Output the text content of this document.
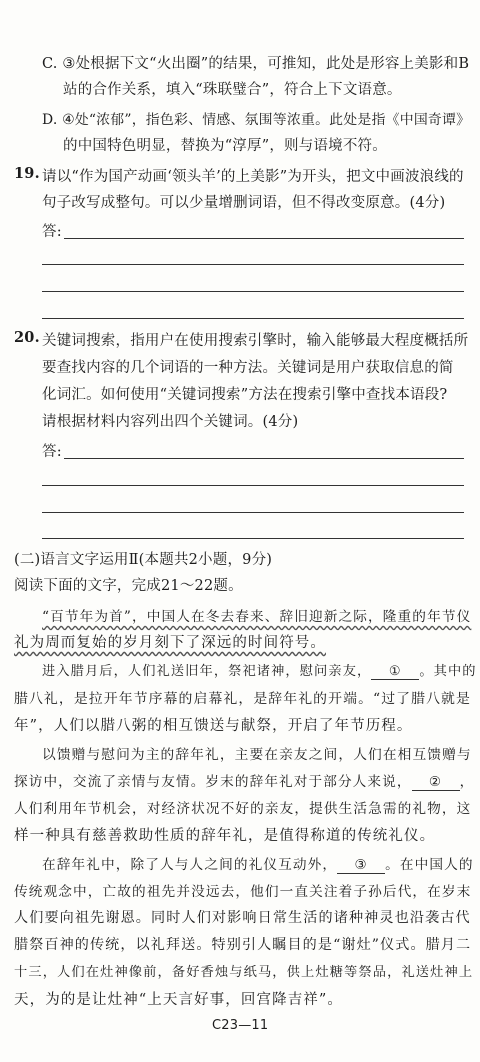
C. ③处根据下文“火出圈”的结果，可推知，此处是形容上美影和B
站的合作关系，填入“珠联璧合”，符合上下文语意。
D. ④处“浓郁”，指色彩、情感、氛围等浓重。此处是指《中国奇谭》
的中国特色明显，替换为“淳厚”，则与语境不符。
19. 请以“作为国产动画‘领头羊’的上美影”为开头，把文中画波浪线的
句子改写成整句。可以少量增删词语，但不得改变原意。(4分)
答:
20. 关键词搜索，指用户在使用搜索引擎时，输入能够最大程度概括所
要查找内容的几个词语的一种方法。关键词是用户获取信息的简
化词汇。如何使用“关键词搜索”方法在搜索引擎中查找本语段?
请根据材料内容列出四个关键词。(4分)
答:
(二)语言文字运用Ⅱ(本题共2小题，9分)
阅读下面的文字，完成21～22题。
“百节年为首”，中国人在冬去春来、辞旧迎新之际，隆重的年节仪
礼为周而复始的岁月刻下了深远的时间符号。
进入腊月后，人们礼送旧年，祭祀诸神，慰问亲友， ① 。其中的
腊八礼，是拉开年节序幕的启幕礼，是辞年礼的开端。“过了腊八就是
年”，人们以腊八粥的相互馈送与献祭，开启了年节历程。
以馈赠与慰问为主的辞年礼，主要在亲友之间，人们在相互馈赠与
探访中，交流了亲情与友情。岁末的辞年礼对于部分人来说， ② ，
人们利用年节机会，对经济状况不好的亲友，提供生活急需的礼物，这
样一种具有慈善救助性质的辞年礼，是值得称道的传统礼仪。
在辞年礼中，除了人与人之间的礼仪互动外， ③ 。在中国人的
传统观念中，亡故的祖先并没远去，他们一直关注着子孙后代，在岁末
人们要向祖先谢恩。同时人们对影响日常生活的诸种神灵也沿袭古代
腊祭百神的传统，以礼拜送。特别引人瞩目的是“谢灶”仪式。腊月二
十三，人们在灶神像前，备好香烛与纸马，供上灶糖等祭品，礼送灶神上
天，为的是让灶神“上天言好事，回宫降吉祥”。
C23—11
